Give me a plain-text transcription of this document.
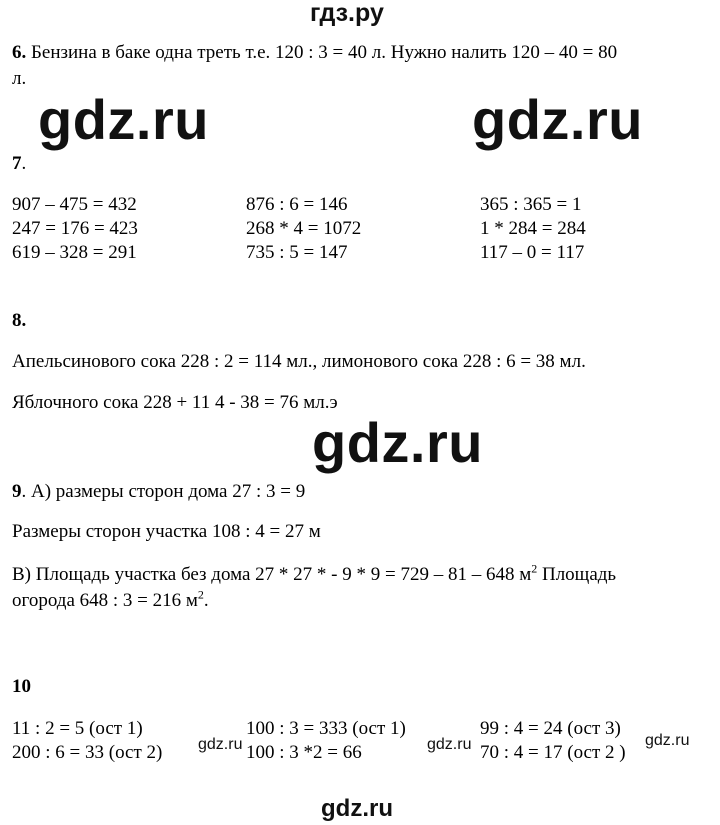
гдз.ру
6. Бензина в баке одна треть т.е. 120 : 3 = 40 л. Нужно налить 120 – 40 = 80
л.
gdz.ru	gdz.ru
7.
907 – 475 = 432
247 = 176 = 423
619 – 328 = 291
876 : 6 = 146
268 * 4 = 1072
735 : 5 = 147
365 : 365 = 1
1 * 284 = 284
117 – 0 = 117
8.
Апельсинового сока 228 : 2 = 114 мл., лимонового сока 228 : 6 = 38 мл.
Яблочного сока 228 + 11 4 - 38 = 76 мл.э
gdz.ru
9. А) размеры сторон дома 27 : 3 = 9
Размеры сторон участка 108 : 4 = 27 м
В) Площадь участка без дома 27 * 27 * - 9 * 9 = 729 – 81 – 648 $м^2$ Площадь
огорода 648 : 3 = 216 $м^2$.
10
11 : 2 = 5 (ост 1)
200 : 6 = 33 (ост 2) gdz.ru
100 : 3 = 333 (ост 1)
100 : 3 *2 = 66	gdz.ru
99 : 4 = 24 (ост 3)
70 : 4 = 17 (ост 2 )
gdz.ru
gdz.ru
